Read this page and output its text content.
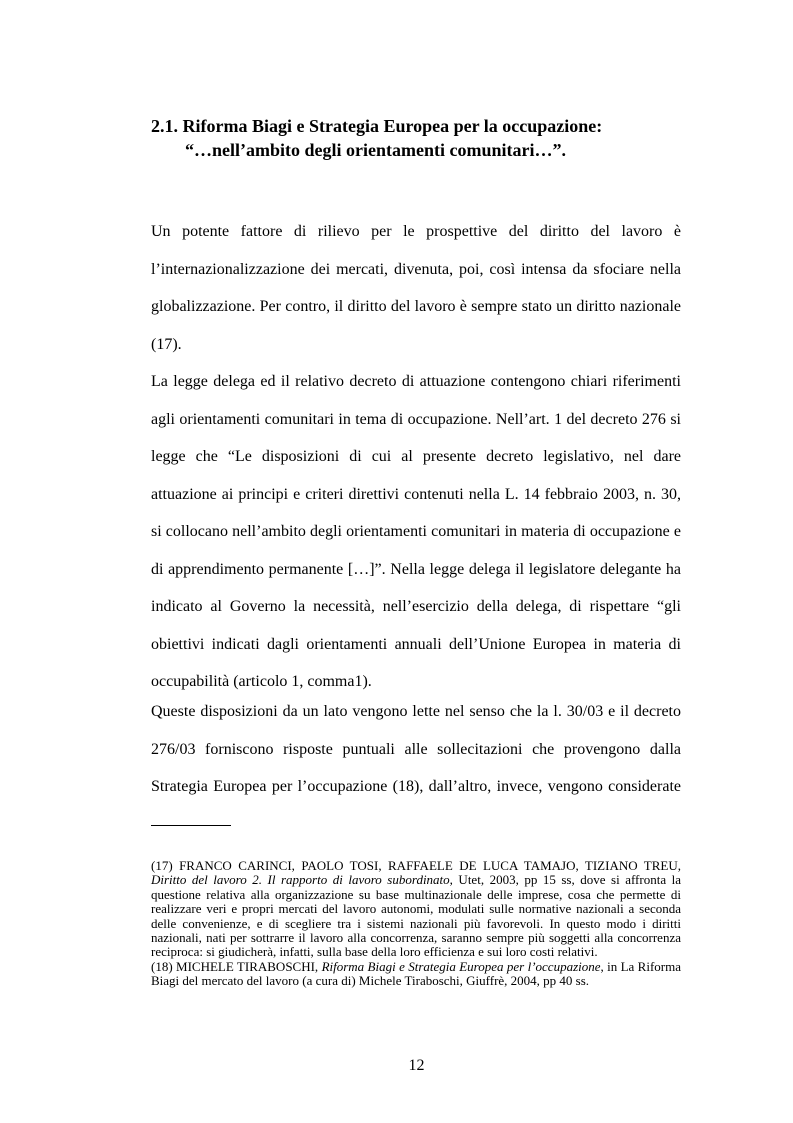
2.1. Riforma Biagi e Strategia Europea per la occupazione:
“…nell’ambito degli orientamenti comunitari…”.

Un potente fattore di rilievo per le prospettive del diritto del lavoro è l’internazionalizzazione dei mercati, divenuta, poi, così intensa da sfociare nella globalizzazione. Per contro, il diritto del lavoro è sempre stato un diritto nazionale (17).

La legge delega ed il relativo decreto di attuazione contengono chiari riferimenti agli orientamenti comunitari in tema di occupazione. Nell’art. 1 del decreto 276 si legge che “Le disposizioni di cui al presente decreto legislativo, nel dare attuazione ai principi e criteri direttivi contenuti nella L. 14 febbraio 2003, n. 30, si collocano nell’ambito degli orientamenti comunitari in materia di occupazione e di apprendimento permanente […]”. Nella legge delega il legislatore delegante ha indicato al Governo la necessità, nell’esercizio della delega, di rispettare “gli obiettivi indicati dagli orientamenti annuali dell’Unione Europea in materia di occupabilità (articolo 1, comma1).

Queste disposizioni da un lato vengono lette nel senso che la l. 30/03 e il decreto 276/03 forniscono risposte puntuali alle sollecitazioni che provengono dalla Strategia Europea per l’occupazione (18), dall’altro, invece, vengono considerate

(17) FRANCO CARINCI, PAOLO TOSI, RAFFAELE DE LUCA TAMAJO, TIZIANO TREU, Diritto del lavoro 2. Il rapporto di lavoro subordinato, Utet, 2003, pp 15 ss, dove si affronta la questione relativa alla organizzazione su base multinazionale delle imprese, cosa che permette di realizzare veri e propri mercati del lavoro autonomi, modulati sulle normative nazionali a seconda delle convenienze, e di scegliere tra i sistemi nazionali più favorevoli. In questo modo i diritti nazionali, nati per sottrarre il lavoro alla concorrenza, saranno sempre più soggetti alla concorrenza reciproca: si giudicherà, infatti, sulla base della loro efficienza e sui loro costi relativi.

(18) MICHELE TIRABOSCHI, Riforma Biagi e Strategia Europea per l’occupazione, in La Riforma Biagi del mercato del lavoro (a cura di) Michele Tiraboschi, Giuffrè, 2004, pp 40 ss.

12
